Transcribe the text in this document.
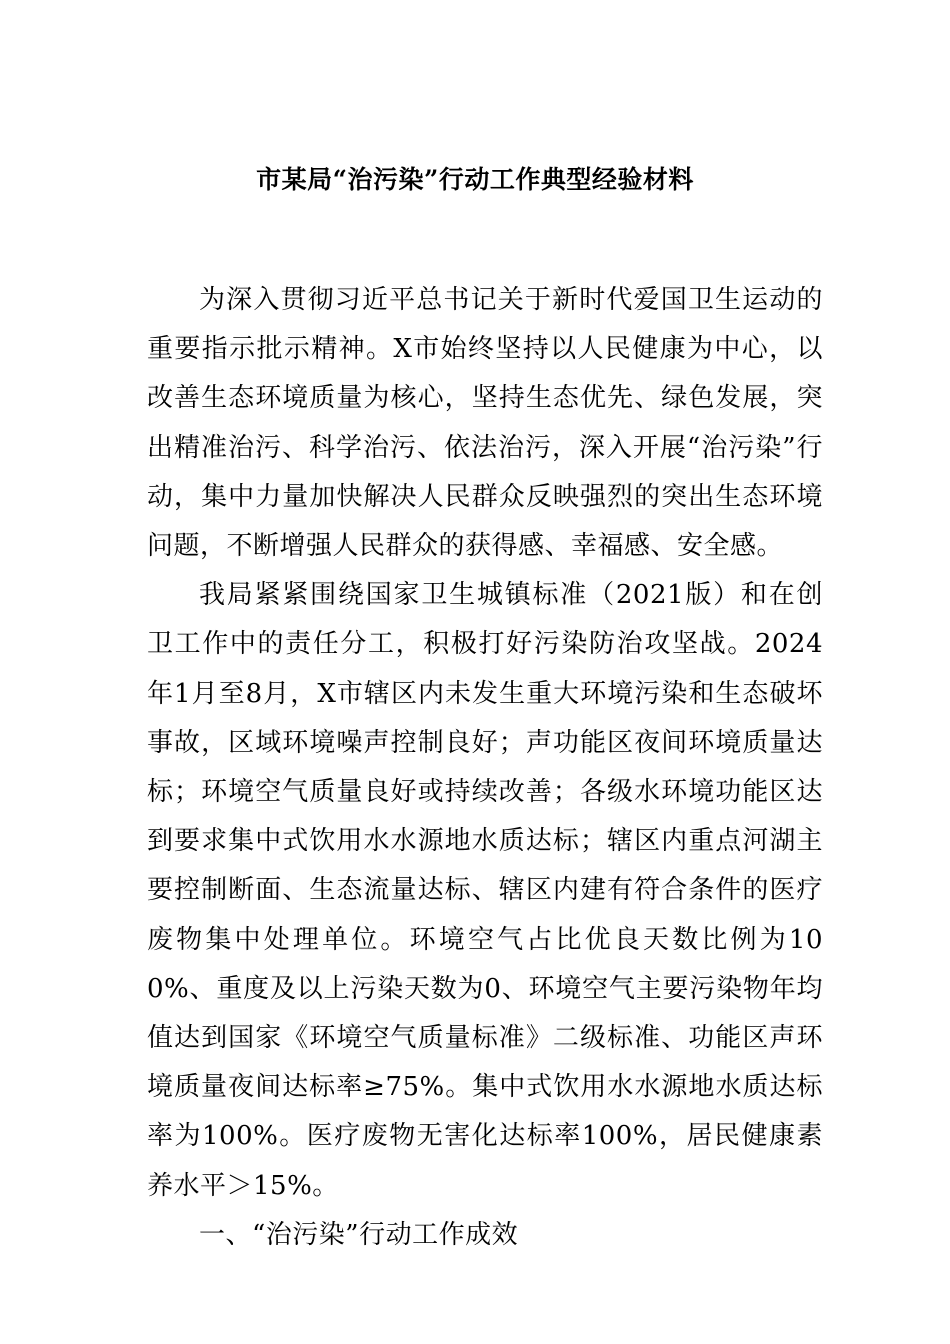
市某局“治污染”行动工作典型经验材料

为深入贯彻习近平总书记关于新时代爱国卫生运动的重要指示批示精神。X市始终坚持以人民健康为中心，以改善生态环境质量为核心，坚持生态优先、绿色发展，突出精准治污、科学治污、依法治污，深入开展“治污染”行动，集中力量加快解决人民群众反映强烈的突出生态环境问题，不断增强人民群众的获得感、幸福感、安全感。

我局紧紧围绕国家卫生城镇标准（2021版）和在创卫工作中的责任分工，积极打好污染防治攻坚战。2024年1月至8月，X市辖区内未发生重大环境污染和生态破坏事故，区域环境噪声控制良好；声功能区夜间环境质量达标；环境空气质量良好或持续改善；各级水环境功能区达到要求集中式饮用水水源地水质达标；辖区内重点河湖主要控制断面、生态流量达标、辖区内建有符合条件的医疗废物集中处理单位。环境空气占比优良天数比例为100%、重度及以上污染天数为0、环境空气主要污染物年均值达到国家《环境空气质量标准》二级标准、功能区声环境质量夜间达标率≥75%。集中式饮用水水源地水质达标率为100%。医疗废物无害化达标率100%，居民健康素养水平＞15%。

一、“治污染”行动工作成效
